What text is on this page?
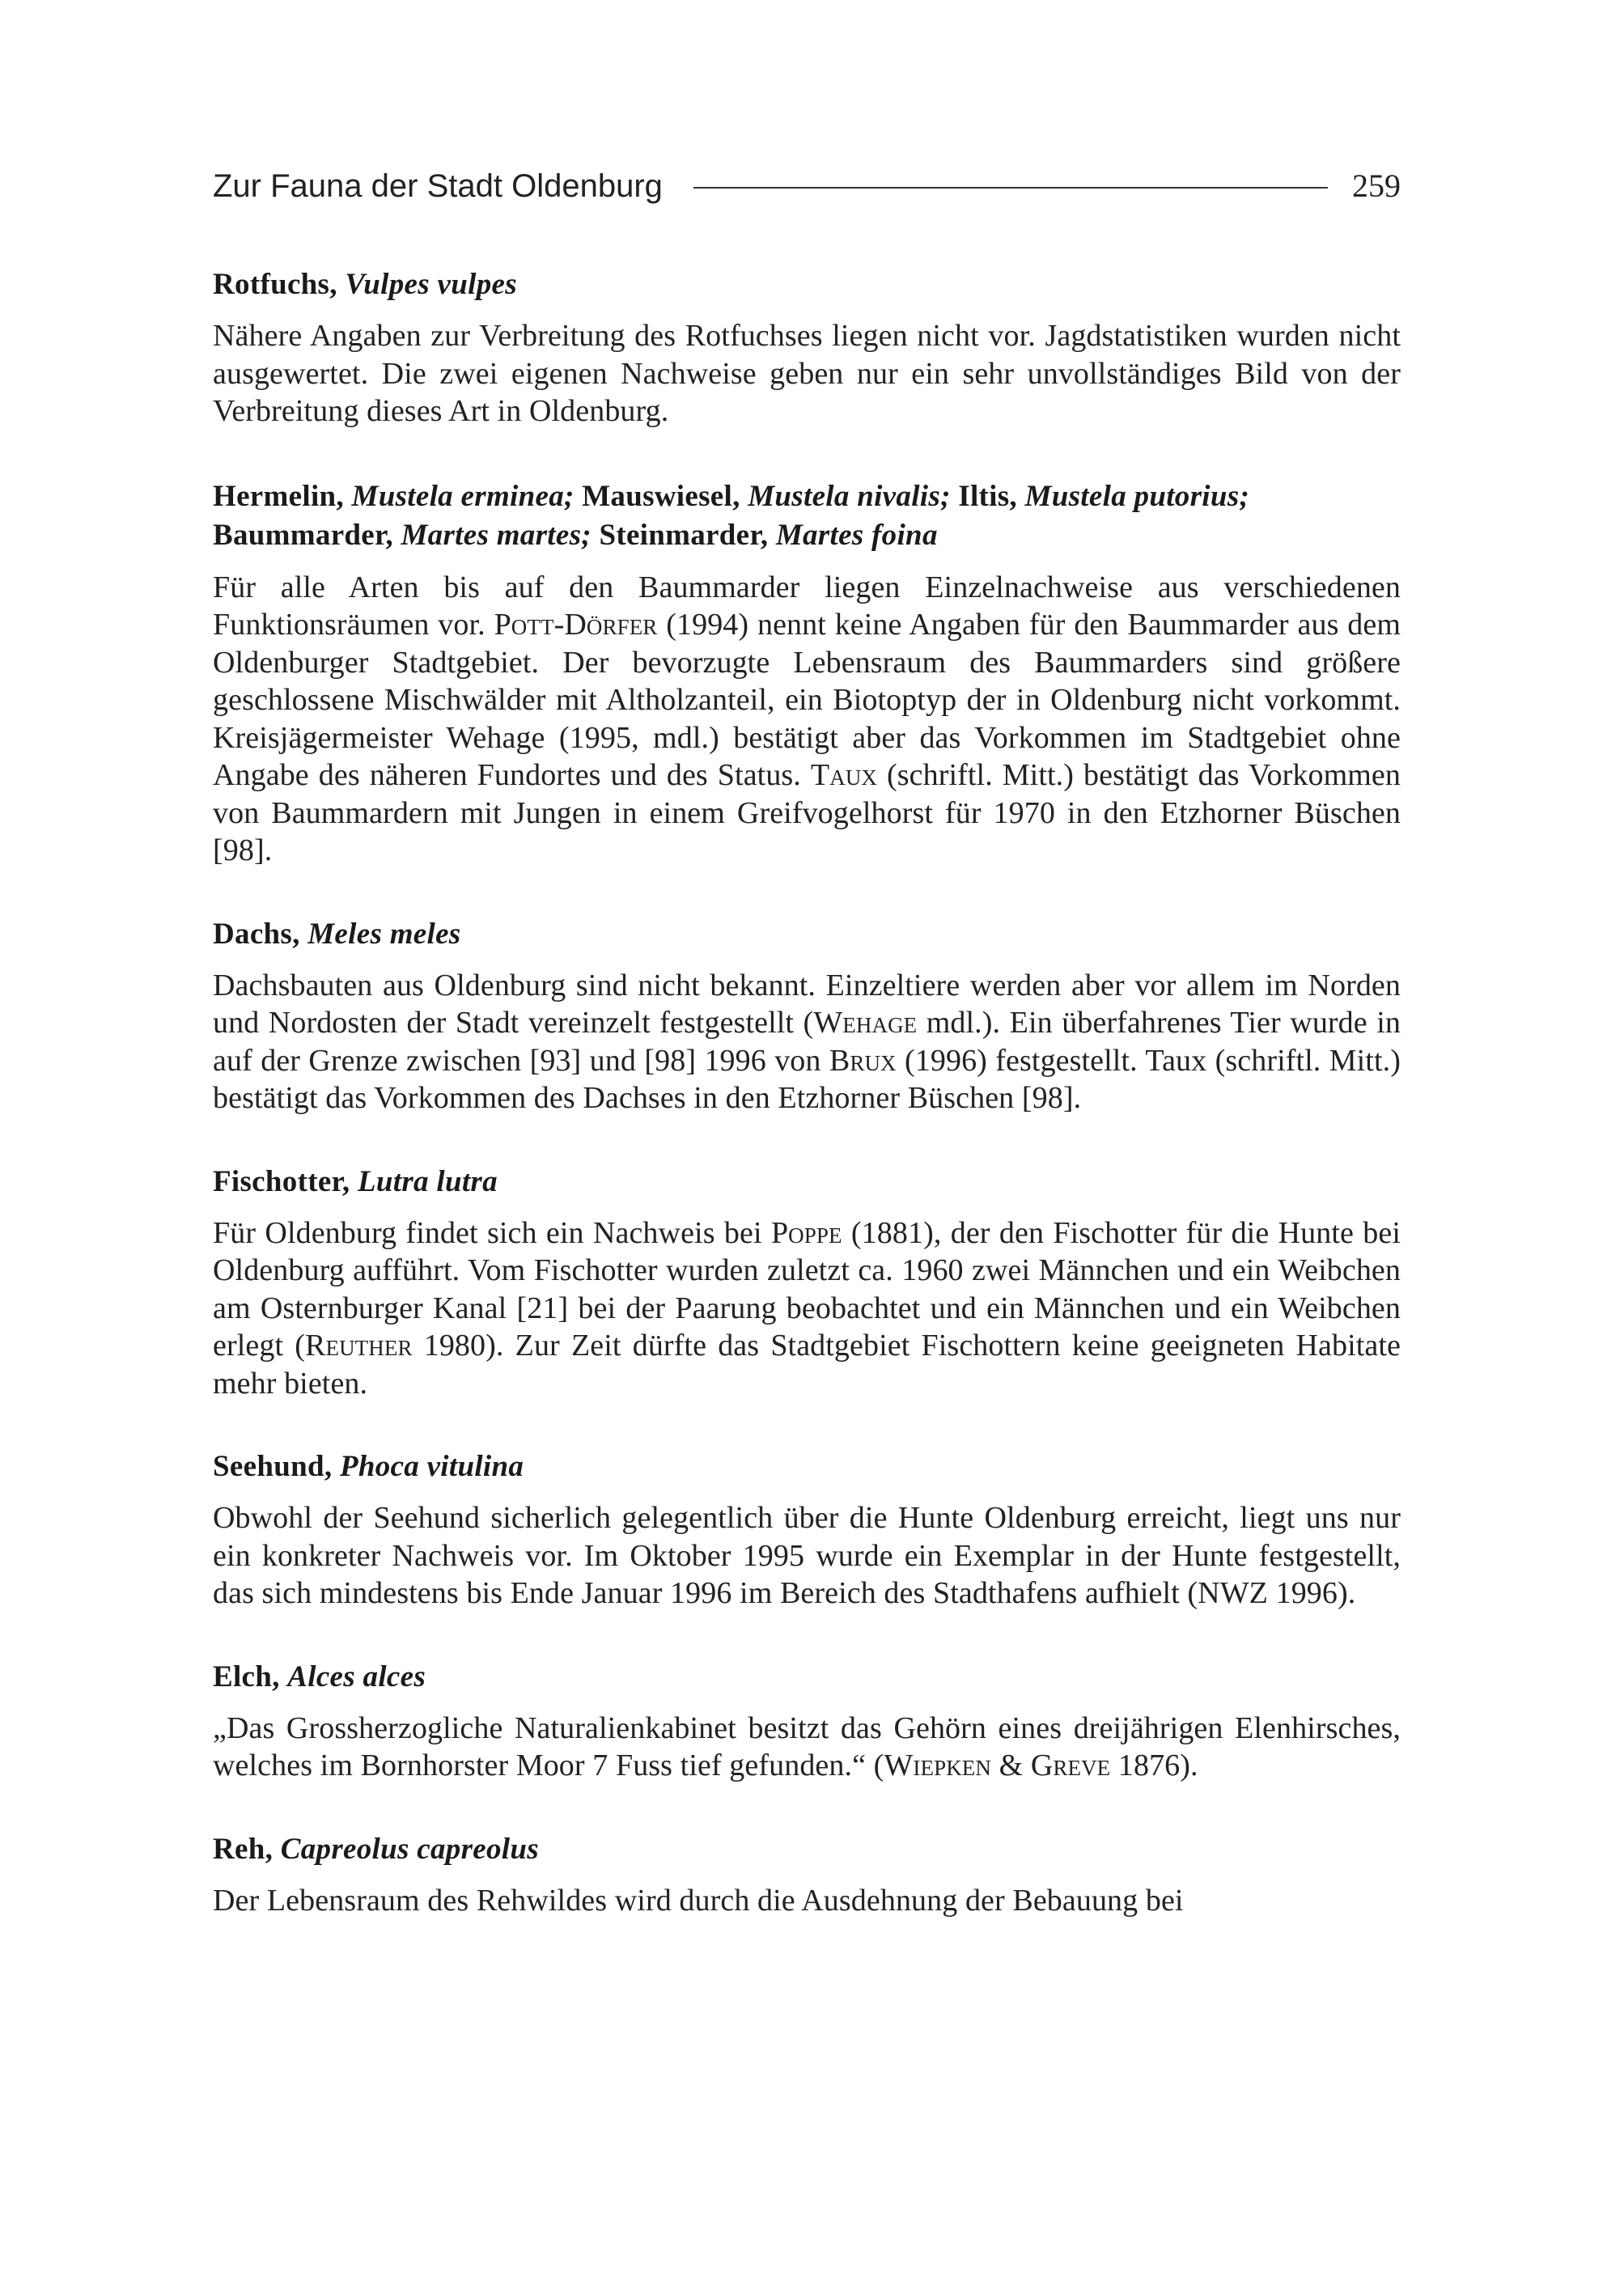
Zur Fauna der Stadt Oldenburg	259
Rotfuchs, Vulpes vulpes

Nähere Angaben zur Verbreitung des Rotfuchses liegen nicht vor. Jagdstatistiken wurden nicht ausgewertet. Die zwei eigenen Nachweise geben nur ein sehr unvollständiges Bild von der Verbreitung dieses Art in Oldenburg.

Hermelin, Mustela erminea; Mauswiesel, Mustela nivalis; Iltis, Mustela putorius; Baummarder, Martes martes; Steinmarder, Martes foina

Für alle Arten bis auf den Baummarder liegen Einzelnachweise aus verschiedenen Funktionsräumen vor. Pott-Dörfer (1994) nennt keine Angaben für den Baummarder aus dem Oldenburger Stadtgebiet. Der bevorzugte Lebensraum des Baummarders sind größere geschlossene Mischwälder mit Altholzanteil, ein Biotoptyp der in Oldenburg nicht vorkommt. Kreisjägermeister Wehage (1995, mdl.) bestätigt aber das Vorkommen im Stadtgebiet ohne Angabe des näheren Fundortes und des Status. Taux (schriftl. Mitt.) bestätigt das Vorkommen von Baummardern mit Jungen in einem Greifvogelhorst für 1970 in den Etzhorner Büschen [98].

Dachs, Meles meles

Dachsbauten aus Oldenburg sind nicht bekannt. Einzeltiere werden aber vor allem im Norden und Nordosten der Stadt vereinzelt festgestellt (Wehage mdl.). Ein überfahrenes Tier wurde in auf der Grenze zwischen [93] und [98] 1996 von Brux (1996) festgestellt. Taux (schriftl. Mitt.) bestätigt das Vorkommen des Dachses in den Etzhorner Büschen [98].

Fischotter, Lutra lutra

Für Oldenburg findet sich ein Nachweis bei Poppe (1881), der den Fischotter für die Hunte bei Oldenburg aufführt. Vom Fischotter wurden zuletzt ca. 1960 zwei Männchen und ein Weibchen am Osternburger Kanal [21] bei der Paarung beobachtet und ein Männchen und ein Weibchen erlegt (Reuther 1980). Zur Zeit dürfte das Stadtgebiet Fischottern keine geeigneten Habitate mehr bieten.

Seehund, Phoca vitulina

Obwohl der Seehund sicherlich gelegentlich über die Hunte Oldenburg erreicht, liegt uns nur ein konkreter Nachweis vor. Im Oktober 1995 wurde ein Exemplar in der Hunte festgestellt, das sich mindestens bis Ende Januar 1996 im Bereich des Stadthafens aufhielt (NWZ 1996).

Elch, Alces alces

„Das Grossherzogliche Naturalienkabinet besitzt das Gehörn eines dreijährigen Elenhirsches, welches im Bornhorster Moor 7 Fuss tief gefunden.“ (Wiepken & Greve 1876).

Reh, Capreolus capreolus

Der Lebensraum des Rehwildes wird durch die Ausdehnung der Bebauung bei
